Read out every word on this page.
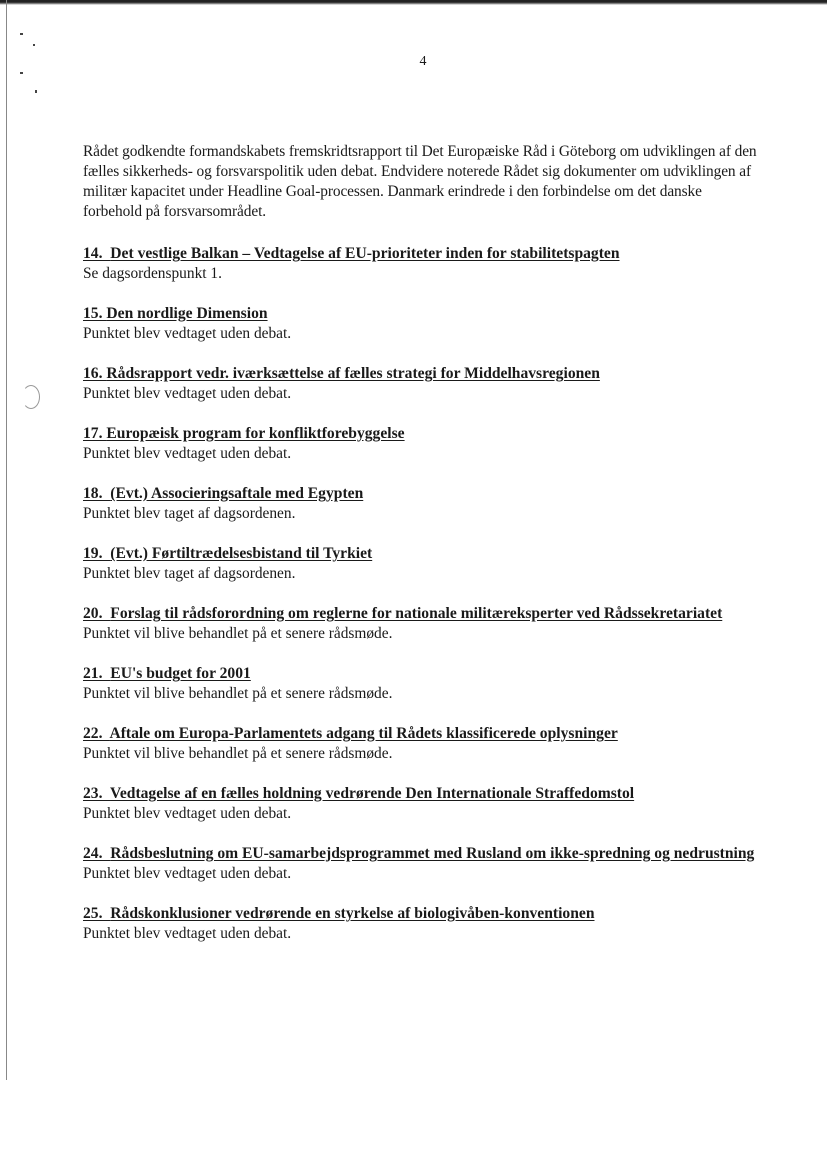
4

Rådet godkendte formandskabets fremskridtsrapport til Det Europæiske Råd i Göteborg om udviklingen af den fælles sikkerheds- og forsvarspolitik uden debat. Endvidere noterede Rådet sig dokumenter om udviklingen af militær kapacitet under Headline Goal-processen. Danmark erindrede i den forbindelse om det danske forbehold på forsvarsområdet.

14. Det vestlige Balkan – Vedtagelse af EU-prioriteter inden for stabilitetspagten

Se dagsordenspunkt 1.

15. Den nordlige Dimension

Punktet blev vedtaget uden debat.

16. Rådsrapport vedr. iværksættelse af fælles strategi for Middelhavsregionen

Punktet blev vedtaget uden debat.

17. Europæisk program for konfliktforebyggelse

Punktet blev vedtaget uden debat.

18. (Evt.) Associeringsaftale med Egypten

Punktet blev taget af dagsordenen.

19. (Evt.) Førtiltrædelsesbistand til Tyrkiet

Punktet blev taget af dagsordenen.

20. Forslag til rådsforordning om reglerne for nationale militæreksperter ved Rådssekretariatet

Punktet vil blive behandlet på et senere rådsmøde.

21. EU's budget for 2001

Punktet vil blive behandlet på et senere rådsmøde.

22. Aftale om Europa-Parlamentets adgang til Rådets klassificerede oplysninger

Punktet vil blive behandlet på et senere rådsmøde.

23. Vedtagelse af en fælles holdning vedrørende Den Internationale Straffedomstol

Punktet blev vedtaget uden debat.

24. Rådsbeslutning om EU-samarbejdsprogrammet med Rusland om ikke-spredning og nedrustning

Punktet blev vedtaget uden debat.

25. Rådskonklusioner vedrørende en styrkelse af biologivåben-konventionen

Punktet blev vedtaget uden debat.
